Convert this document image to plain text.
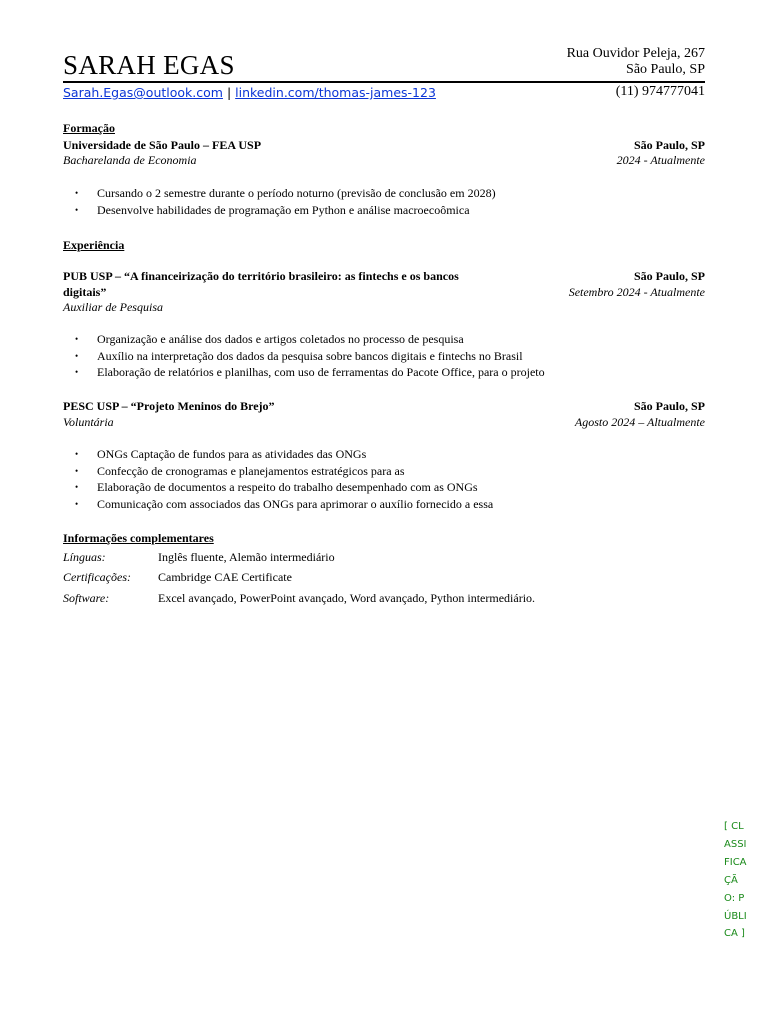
SARAH EGAS	Rua Ouvidor Peleja, 267
São Paulo, SP
Sarah.Egas@outlook.com | linkedin.com/thomas-james-123	(11) 974777041
Formação
Universidade de São Paulo – FEA USP	São Paulo, SP
Bacharelanda de Economia	2024 - Atualmente
• Cursando o 2 semestre durante o período noturno (previsão de conclusão em 2028)
• Desenvolve habilidades de programação em Python e análise macroecoômica
Experiência
PUB USP – “A financeirização do território brasileiro: as fintechs e os bancos	São Paulo, SP
digitais”	Setembro 2024 - Atualmente
Auxiliar de Pesquisa
• Organização e análise dos dados e artigos coletados no processo de pesquisa
• Auxílio na interpretação dos dados da pesquisa sobre bancos digitais e fintechs no Brasil
• Elaboração de relatórios e planilhas, com uso de ferramentas do Pacote Office, para o projeto
PESC USP – “Projeto Meninos do Brejo”	São Paulo, SP
Voluntária	Agosto 2024 – Altualmente
• ONGs Captação de fundos para as atividades das ONGs
• Confecção de cronogramas e planejamentos estratégicos para as
• Elaboração de documentos a respeito do trabalho desempenhado com as ONGs
• Comunicação com associados das ONGs para aprimorar o auxílio fornecido a essa
Informações complementares
Línguas:	Inglês fluente, Alemão intermediário
Certificações: Cambridge CAE Certificate
Software:	Excel avançado, PowerPoint avançado, Word avançado, Python intermediário.
[ CLASSIFICAÇÃO: PÚBLICA ]
